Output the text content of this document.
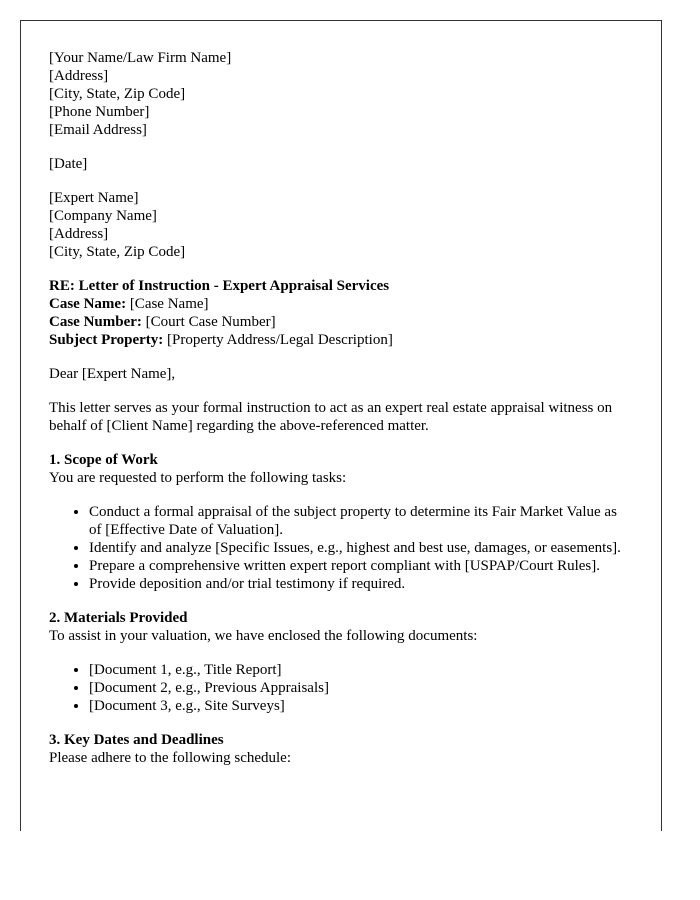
[Your Name/Law Firm Name]
[Address]
[City, State, Zip Code]
[Phone Number]
[Email Address]

[Date]

[Expert Name]
[Company Name]
[Address]
[City, State, Zip Code]

RE: Letter of Instruction - Expert Appraisal Services
Case Name: [Case Name]
Case Number: [Court Case Number]
Subject Property: [Property Address/Legal Description]

Dear [Expert Name],

This letter serves as your formal instruction to act as an expert real estate appraisal witness on behalf of [Client Name] regarding the above-referenced matter.

1. Scope of Work

You are requested to perform the following tasks:

• Conduct a formal appraisal of the subject property to determine its Fair Market Value as of [Effective Date of Valuation].
• Identify and analyze [Specific Issues, e.g., highest and best use, damages, or easements].
• Prepare a comprehensive written expert report compliant with [USPAP/Court Rules].
• Provide deposition and/or trial testimony if required.
2. Materials Provided

To assist in your valuation, we have enclosed the following documents:

• [Document 1, e.g., Title Report]
• [Document 2, e.g., Previous Appraisals]
• [Document 3, e.g., Site Surveys]
3. Key Dates and Deadlines

Please adhere to the following schedule:
